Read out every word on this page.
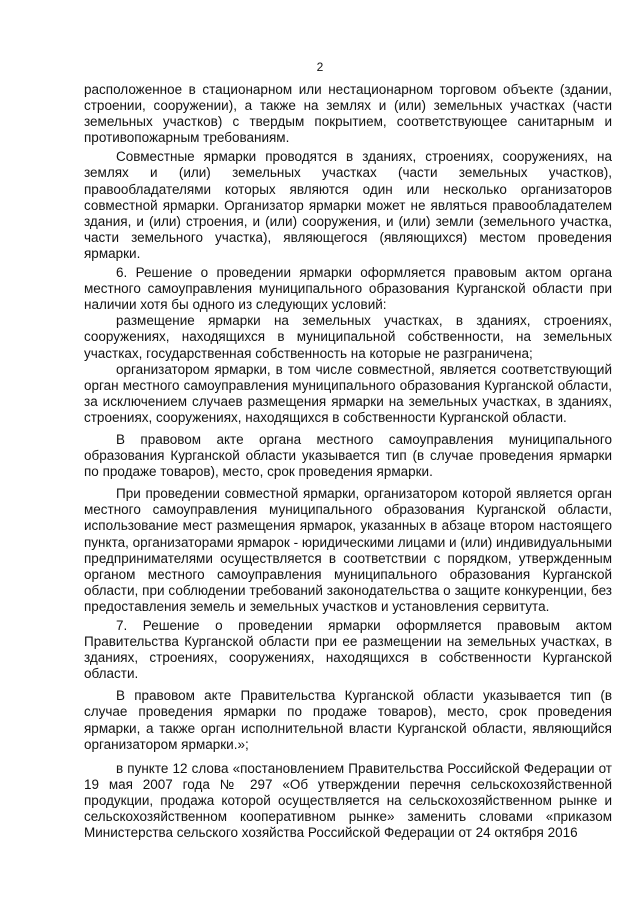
2

расположенное в стационарном или нестационарном торговом объекте (здании, строении, сооружении), а также на землях и (или) земельных участках (части земельных участков) с твердым покрытием, соответствующее санитарным и противопожарным требованиям.

Совместные ярмарки проводятся в зданиях, строениях, сооружениях, на землях и (или) земельных участках (части земельных участков), правообладателями которых являются один или несколько организаторов совместной ярмарки. Организатор ярмарки может не являться правообладателем здания, и (или) строения, и (или) сооружения, и (или) земли (земельного участка, части земельного участка), являющегося (являющихся) местом проведения ярмарки.

6. Решение о проведении ярмарки оформляется правовым актом органа местного самоуправления муниципального образования Курганской области при наличии хотя бы одного из следующих условий:

размещение ярмарки на земельных участках, в зданиях, строениях, сооружениях, находящихся в муниципальной собственности, на земельных участках, государственная собственность на которые не разграничена;

организатором ярмарки, в том числе совместной, является соответствующий орган местного самоуправления муниципального образования Курганской области, за исключением случаев размещения ярмарки на земельных участках, в зданиях, строениях, сооружениях, находящихся в собственности Курганской области.

В правовом акте органа местного самоуправления муниципального образования Курганской области указывается тип (в случае проведения ярмарки по продаже товаров), место, срок проведения ярмарки.

При проведении совместной ярмарки, организатором которой является орган местного самоуправления муниципального образования Курганской области, использование мест размещения ярмарок, указанных в абзаце втором настоящего пункта, организаторами ярмарок - юридическими лицами и (или) индивидуальными предпринимателями осуществляется в соответствии с порядком, утвержденным органом местного самоуправления муниципального образования Курганской области, при соблюдении требований законодательства о защите конкуренции, без предоставления земель и земельных участков и установления сервитута.

7. Решение о проведении ярмарки оформляется правовым актом Правительства Курганской области при ее размещении на земельных участках, в зданиях, строениях, сооружениях, находящихся в собственности Курганской области.

В правовом акте Правительства Курганской области указывается тип (в случае проведения ярмарки по продаже товаров), место, срок проведения ярмарки, а также орган исполнительной власти Курганской области, являющийся организатором ярмарки.»;

в пункте 12 слова «постановлением Правительства Российской Федерации от 19 мая 2007 года № 297 «Об утверждении перечня сельскохозяйственной продукции, продажа которой осуществляется на сельскохозяйственном рынке и сельскохозяйственном кооперативном рынке» заменить словами «приказом Министерства сельского хозяйства Российской Федерации от 24 октября 2016
